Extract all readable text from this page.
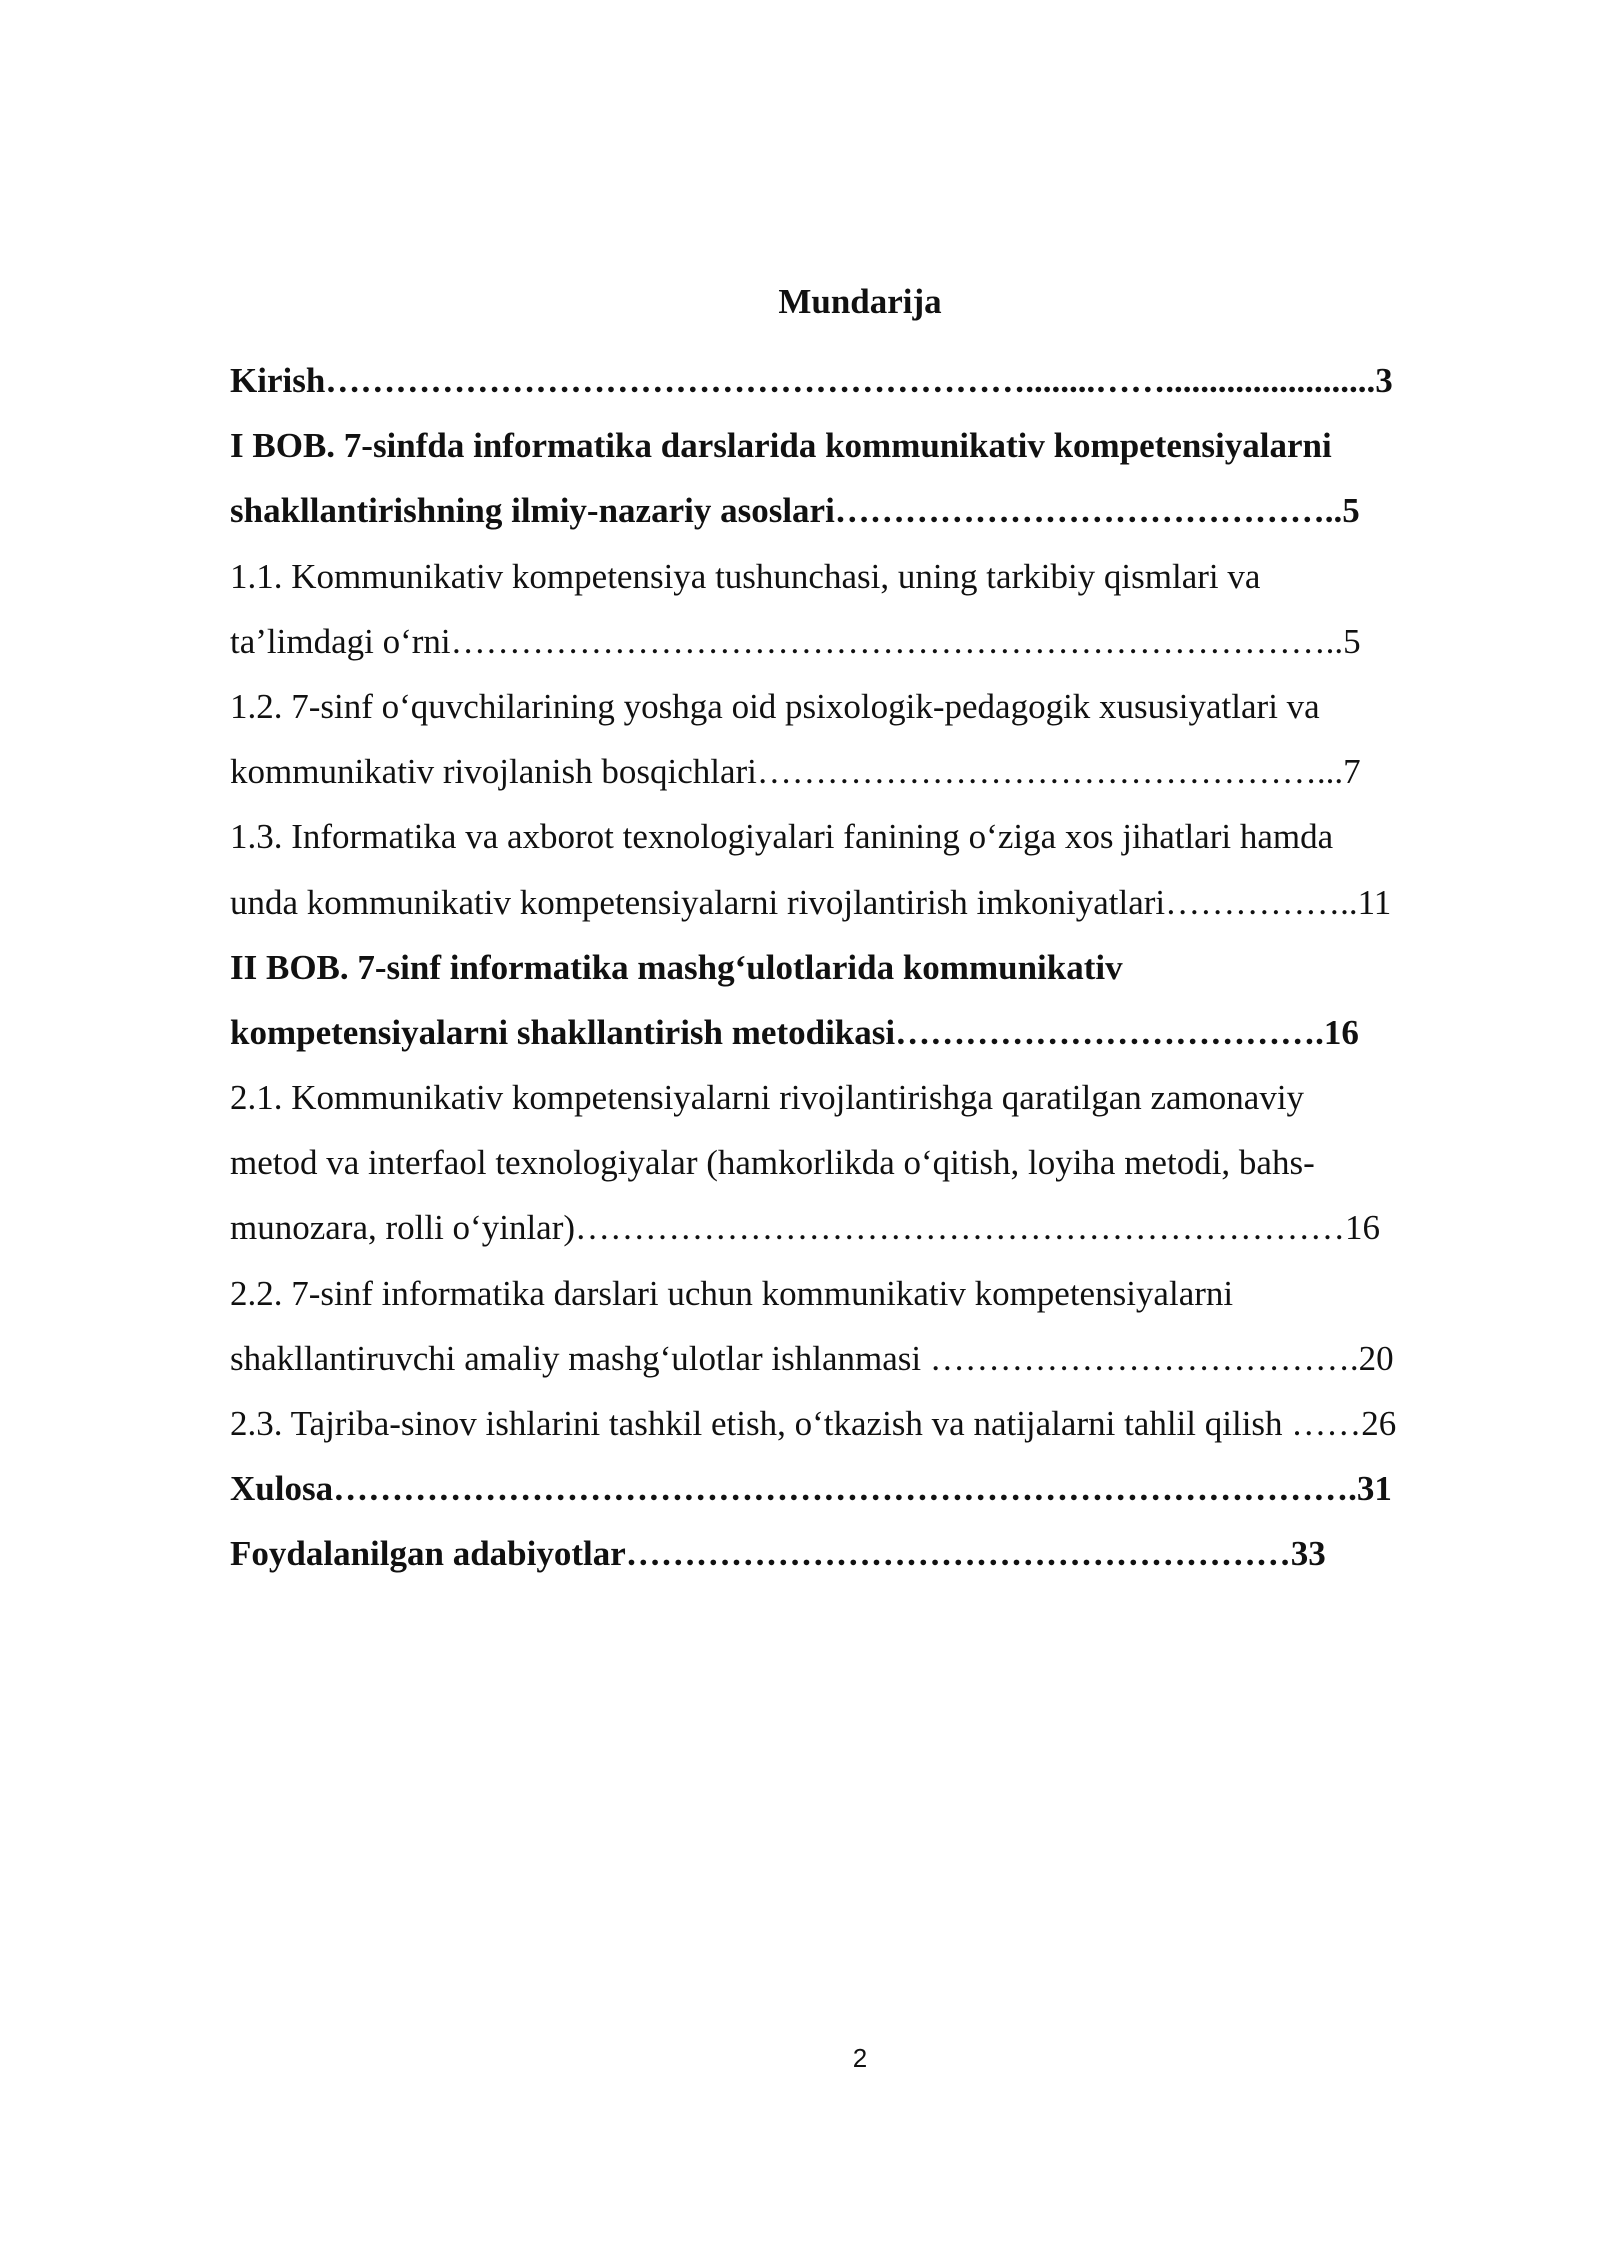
Mundarija
Kirish……………………………………………………........……........................3
I BOB. 7-sinfda informatika darslarida kommunikativ kompetensiyalarni
shakllantirishning ilmiy-nazariy asoslari……………………………………..5
1.1. Kommunikativ kompetensiya tushunchasi, uning tarkibiy qismlari va
ta’limdagi o‘rni…………………………………………………………………..5
1.2. 7-sinf o‘quvchilarining yoshga oid psixologik-pedagogik xususiyatlari va
kommunikativ rivojlanish bosqichlari…………………………………………...7
1.3. Informatika va axborot texnologiyalari fanining o‘ziga xos jihatlari hamda
unda kommunikativ kompetensiyalarni rivojlantirish imkoniyatlari……………..11
II BOB. 7-sinf informatika mashg‘ulotlarida kommunikativ
kompetensiyalarni shakllantirish metodikasi……………………………….16
2.1. Kommunikativ kompetensiyalarni rivojlantirishga qaratilgan zamonaviy
metod va interfaol texnologiyalar (hamkorlikda o‘qitish, loyiha metodi, bahs-
munozara, rolli o‘yinlar)…………………………………………………………16
2.2. 7-sinf informatika darslari uchun kommunikativ kompetensiyalarni
shakllantiruvchi amaliy mashg‘ulotlar ishlanmasi ……………………………….20
2.3. Tajriba-sinov ishlarini tashkil etish, o‘tkazish va natijalarni tahlil qilish ……26
Xulosa…………………………………………………………………………….31
Foydalanilgan adabiyotlar…………………………………………………33
2
